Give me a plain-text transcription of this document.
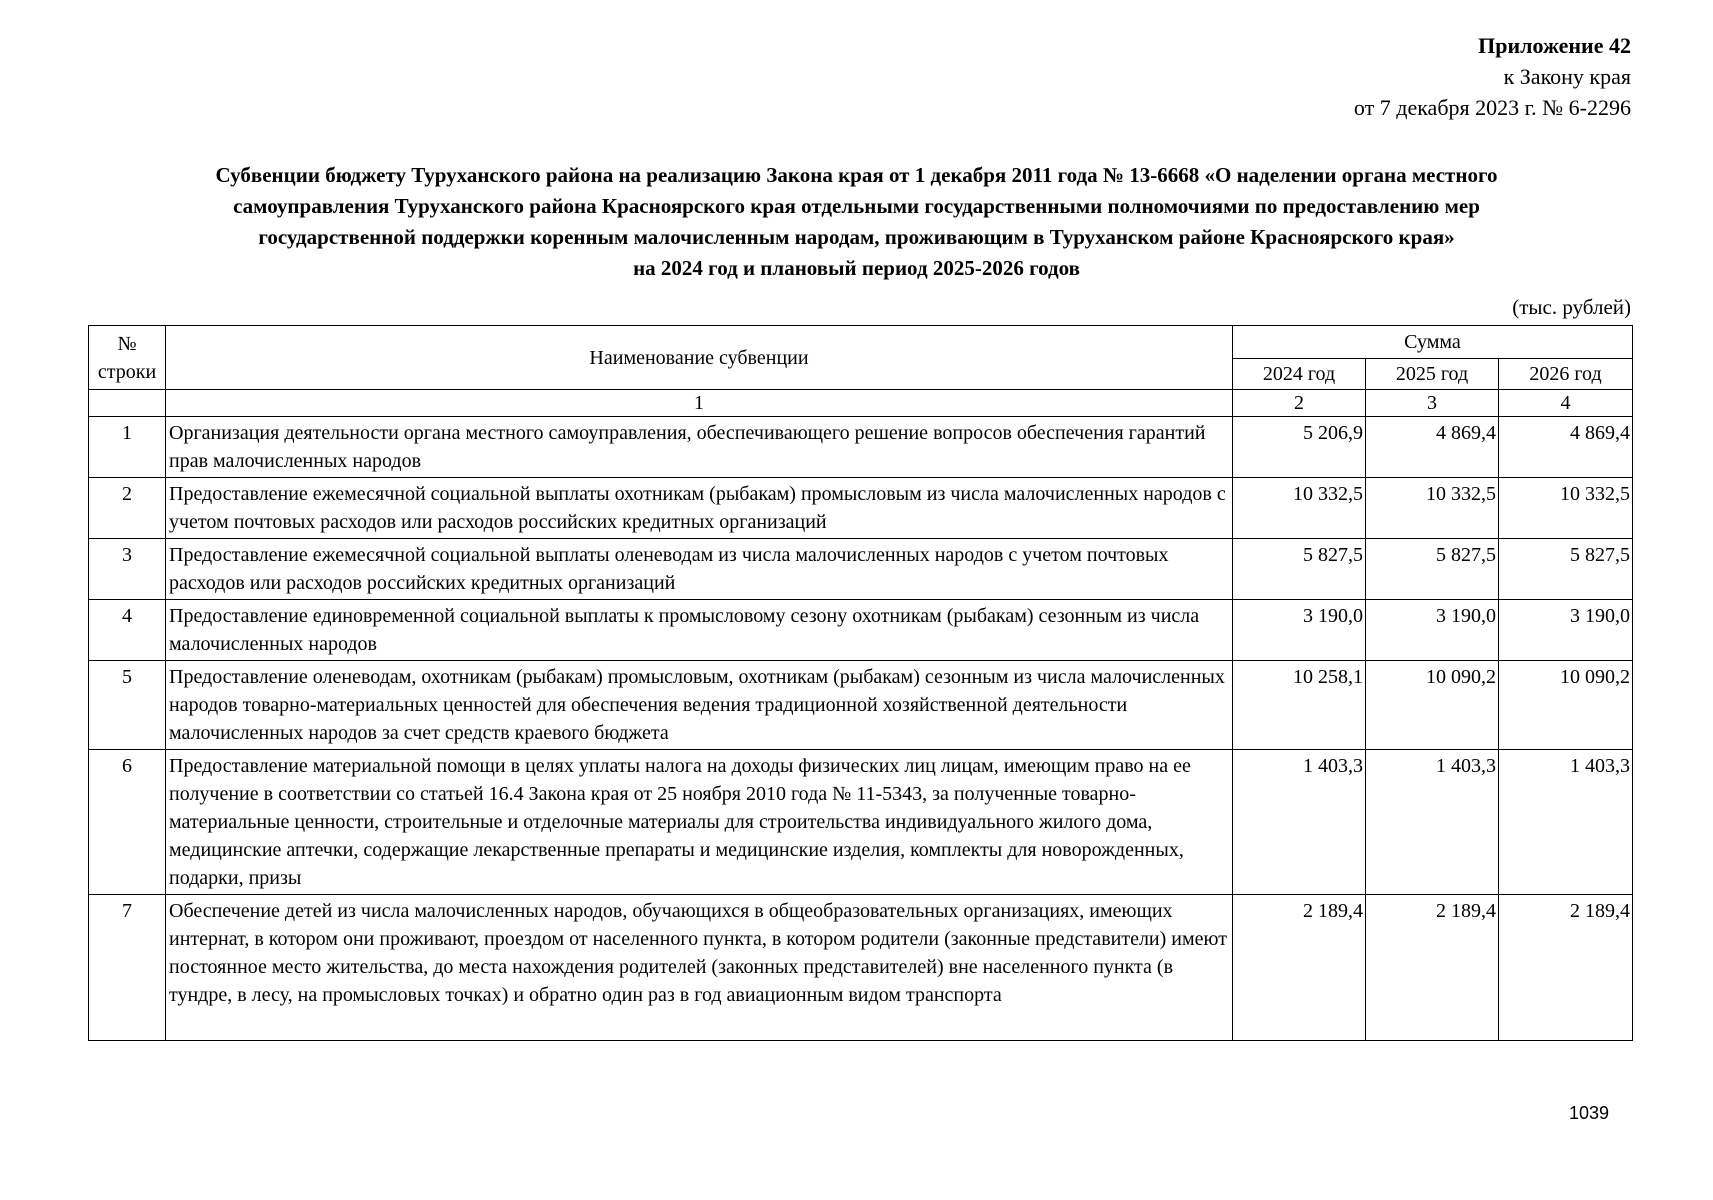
Приложение 42
к Закону края
от 7 декабря 2023 г. № 6-2296
Субвенции бюджету Туруханского района на реализацию Закона края от 1 декабря 2011 года № 13-6668 «О наделении органа местного
самоуправления Туруханского района Красноярского края отдельными государственными полномочиями по предоставлению мер
государственной поддержки коренным малочисленным народам, проживающим в Туруханском районе Красноярского края»
на 2024 год и плановый период 2025-2026 годов
(тыс. рублей)
№
строки	Наименование субвенции	Сумма		
		2024 год	2025 год	2026 год
	1	2	3	4
1	Организация деятельности органа местного самоуправления, обеспечивающего решение вопросов обеспечения гарантий прав малочисленных народов	5 206,9	4 869,4	4 869,4
2	Предоставление ежемесячной социальной выплаты охотникам (рыбакам) промысловым из числа малочисленных народов с учетом почтовых расходов или расходов российских кредитных организаций	10 332,5	10 332,5	10 332,5
3	Предоставление ежемесячной социальной выплаты оленеводам из числа малочисленных народов с учетом почтовых расходов или расходов российских кредитных организаций	5 827,5	5 827,5	5 827,5
4	Предоставление единовременной социальной выплаты к промысловому сезону охотникам (рыбакам) сезонным из числа малочисленных народов	3 190,0	3 190,0	3 190,0
5	Предоставление оленеводам, охотникам (рыбакам) промысловым, охотникам (рыбакам) сезонным из числа малочисленных народов товарно-материальных ценностей для обеспечения ведения традиционной хозяйственной деятельности малочисленных народов за счет средств краевого бюджета	10 258,1	10 090,2	10 090,2
6	Предоставление материальной помощи в целях уплаты налога на доходы физических лиц лицам, имеющим право на ее получение в соответствии со статьей 16.4 Закона края от 25 ноября 2010 года № 11-5343, за полученные товарно-материальные ценности, строительные и отделочные материалы для строительства индивидуального жилого дома, медицинские аптечки, содержащие лекарственные препараты и медицинские изделия, комплекты для новорожденных, подарки, призы	1 403,3	1 403,3	1 403,3
7	Обеспечение детей из числа малочисленных народов, обучающихся в общеобразовательных организациях, имеющих интернат, в котором они проживают, проездом от населенного пункта, в котором родители (законные представители) имеют постоянное место жительства, до места нахождения родителей (законных представителей) вне населенного пункта (в тундре, в лесу, на промысловых точках) и обратно один раз в год авиационным видом транспорта	2 189,4	2 189,4	2 189,4
1039
